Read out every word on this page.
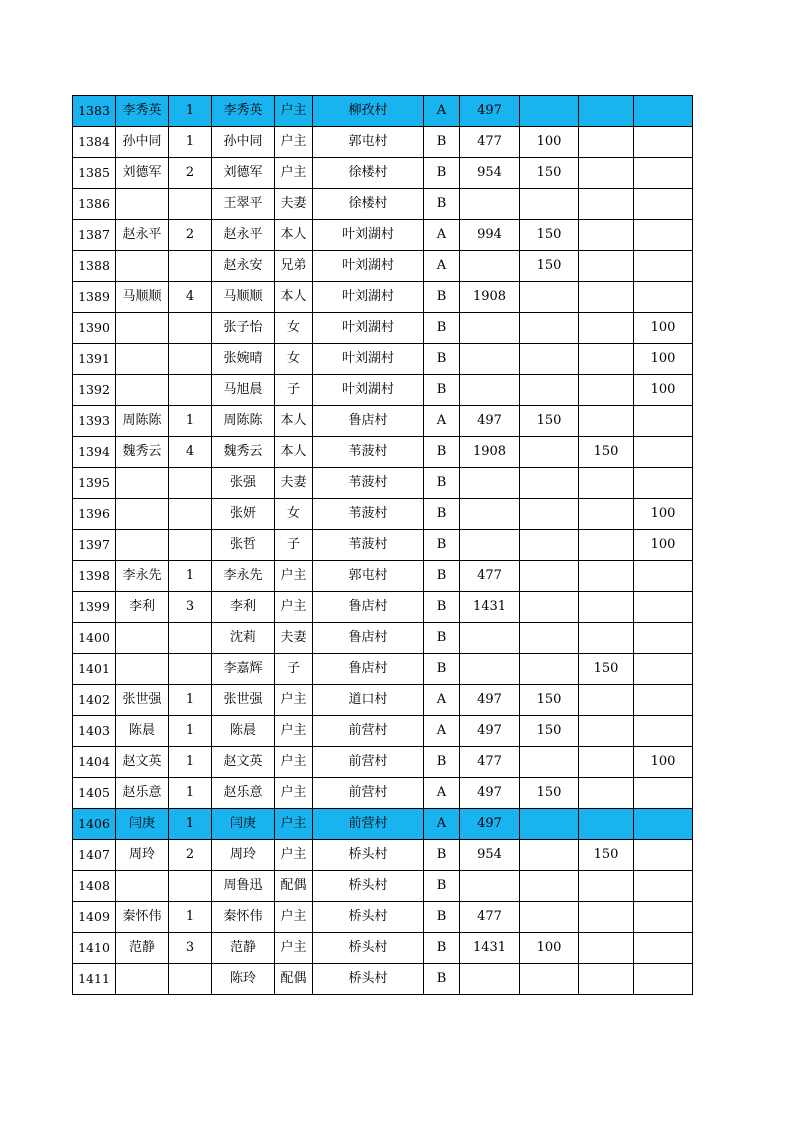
1383	李秀英	1	李秀英	户主	柳孜村	A	497			
1384	孙中同	1	孙中同	户主	郭屯村	B	477	100		
1385	刘德军	2	刘德军	户主	徐楼村	B	954	150		
1386			王翠平	夫妻	徐楼村	B				
1387	赵永平	2	赵永平	本人	叶刘湖村	A	994	150		
1388			赵永安	兄弟	叶刘湖村	A		150		
1389	马顺顺	4	马顺顺	本人	叶刘湖村	B	1908			
1390			张子怡	女	叶刘湖村	B				100
1391			张婉晴	女	叶刘湖村	B				100
1392			马旭晨	子	叶刘湖村	B				100
1393	周陈陈	1	周陈陈	本人	鲁店村	A	497	150		
1394	魏秀云	4	魏秀云	本人	苇菠村	B	1908		150	
1395			张强	夫妻	苇菠村	B				
1396			张妍	女	苇菠村	B				100
1397			张哲	子	苇菠村	B				100
1398	李永先	1	李永先	户主	郭屯村	B	477			
1399	李利	3	李利	户主	鲁店村	B	1431			
1400			沈莉	夫妻	鲁店村	B				
1401			李嘉辉	子	鲁店村	B			150	
1402	张世强	1	张世强	户主	道口村	A	497	150		
1403	陈晨	1	陈晨	户主	前营村	A	497	150		
1404	赵文英	1	赵文英	户主	前营村	B	477			100
1405	赵乐意	1	赵乐意	户主	前营村	A	497	150		
1406	闫庚	1	闫庚	户主	前营村	A	497			
1407	周玲	2	周玲	户主	桥头村	B	954		150	
1408			周鲁迅	配偶	桥头村	B				
1409	秦怀伟	1	秦怀伟	户主	桥头村	B	477			
1410	范静	3	范静	户主	桥头村	B	1431	100		
1411			陈玲	配偶	桥头村	B				
